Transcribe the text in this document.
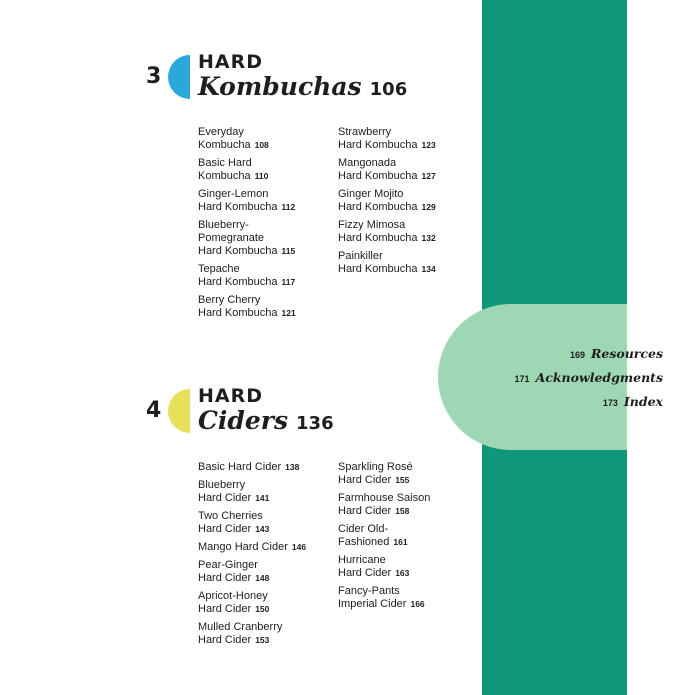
169 Resources
171 Acknowledgments
173 Index
3
HARD
Kombuchas 106
Everyday
Kombucha 108
Basic Hard
Kombucha 110
Ginger-Lemon
Hard Kombucha 112
Blueberry-
Pomegranate
Hard Kombucha 115
Tepache
Hard Kombucha 117
Berry Cherry
Hard Kombucha 121
Strawberry
Hard Kombucha 123
Mangonada
Hard Kombucha 127
Ginger Mojito
Hard Kombucha 129
Fizzy Mimosa
Hard Kombucha 132
Painkiller
Hard Kombucha 134
4
HARD
Ciders 136
Basic Hard Cider 138
Blueberry
Hard Cider 141
Two Cherries
Hard Cider 143
Mango Hard Cider 146
Pear-Ginger
Hard Cider 148
Apricot-Honey
Hard Cider 150
Mulled Cranberry
Hard Cider 153
Sparkling Rosé
Hard Cider 155
Farmhouse Saison
Hard Cider 158
Cider Old-
Fashioned 161
Hurricane
Hard Cider 163
Fancy-Pants
Imperial Cider 166
